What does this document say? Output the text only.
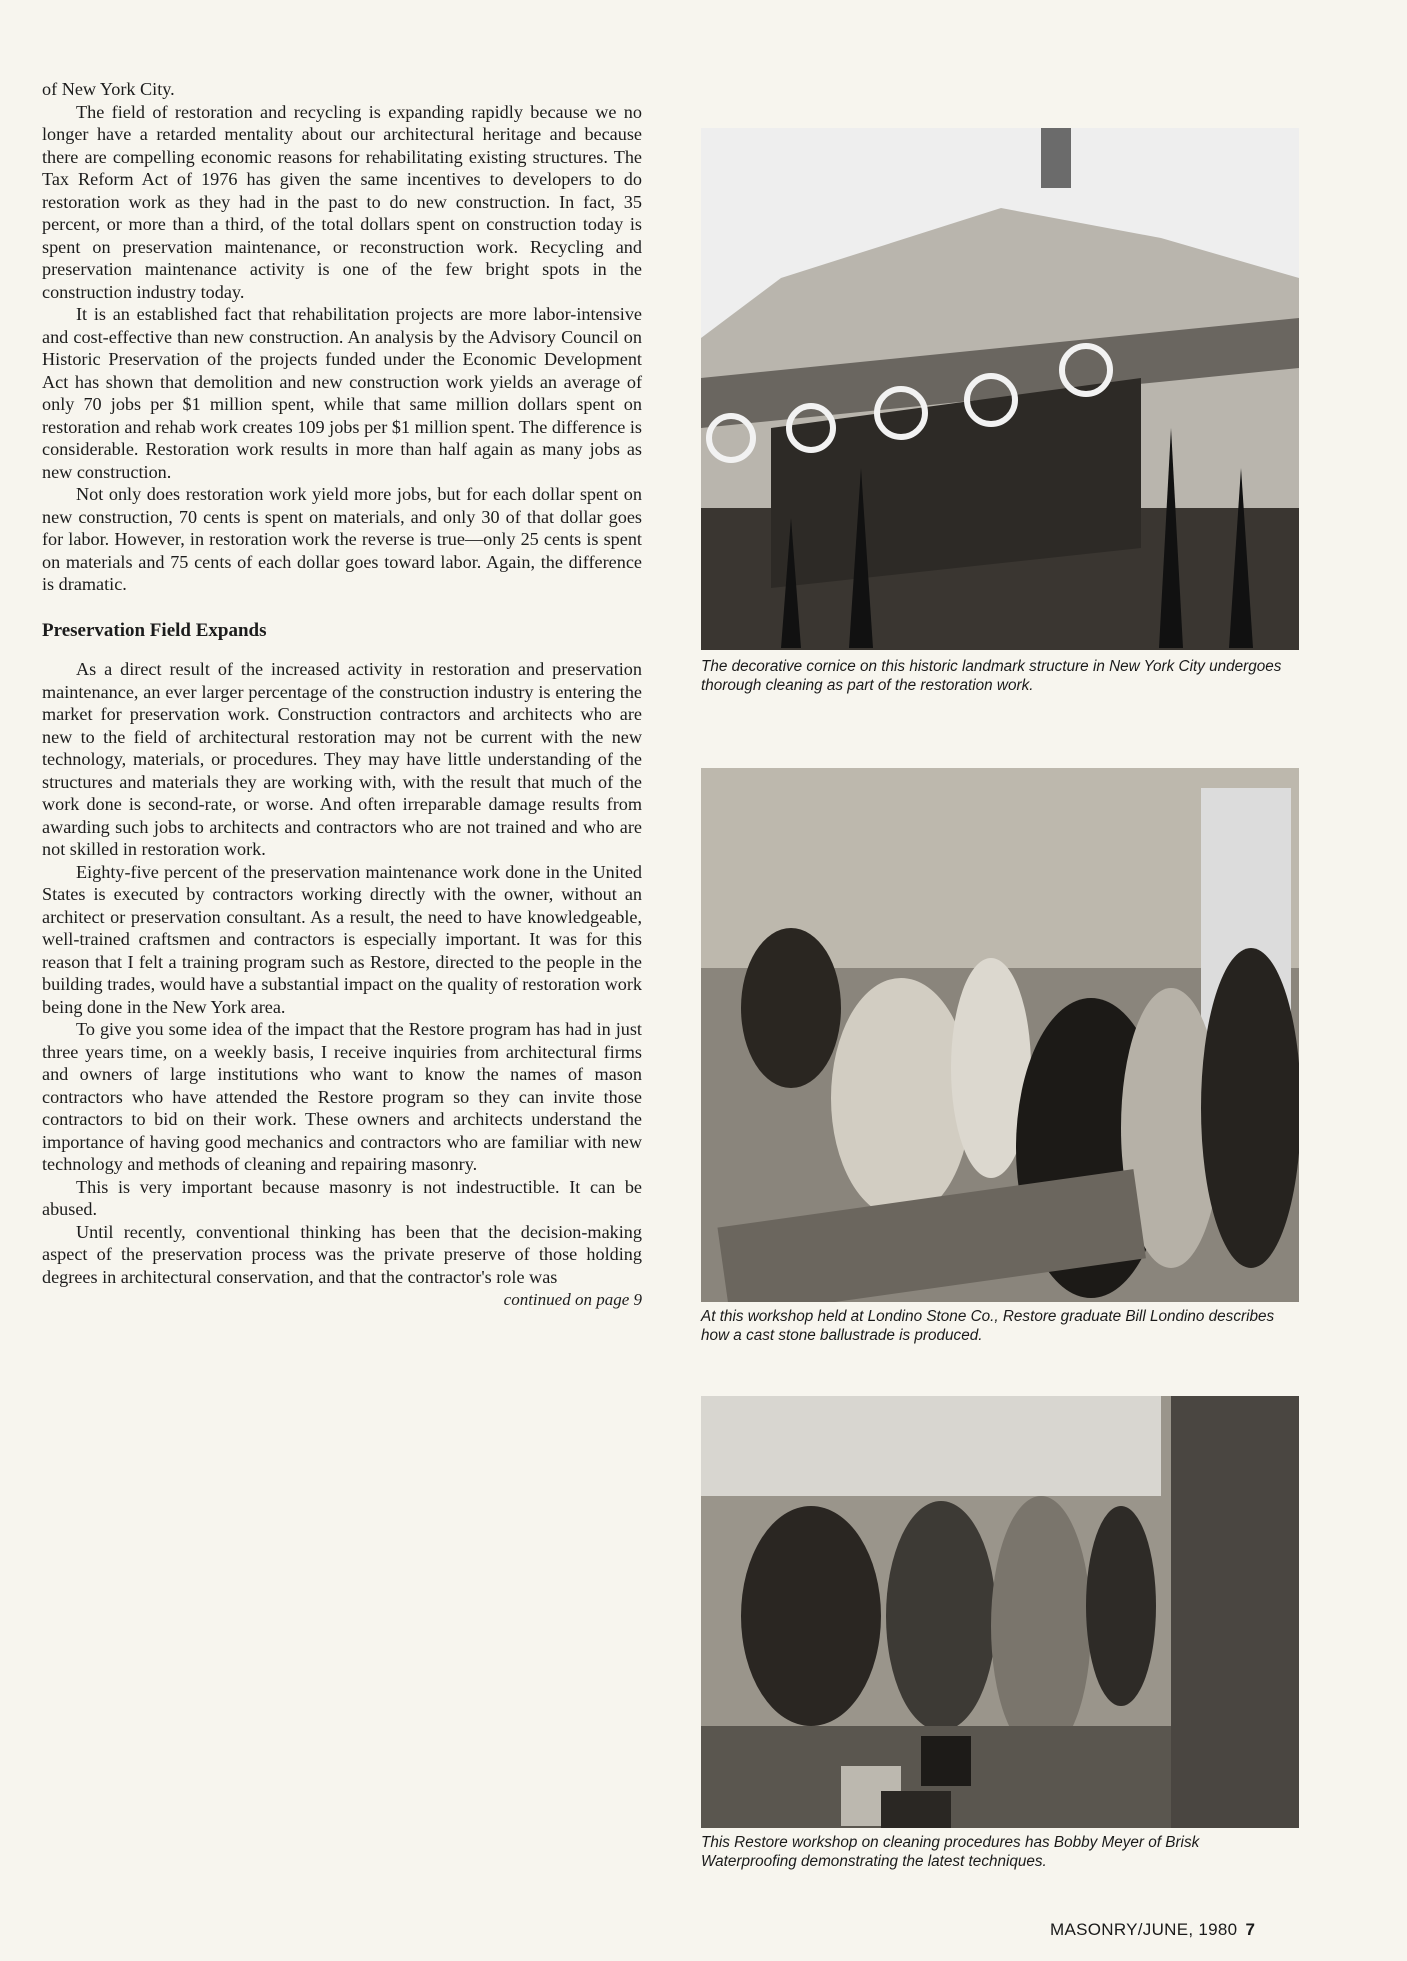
of New York City.

The field of restoration and recycling is expanding rapidly because we no longer have a retarded mentality about our architectural heritage and because there are compelling economic reasons for rehabilitating existing structures. The Tax Reform Act of 1976 has given the same incentives to developers to do restoration work as they had in the past to do new construction. In fact, 35 percent, or more than a third, of the total dollars spent on construction today is spent on preservation maintenance, or reconstruction work. Recycling and preservation maintenance activity is one of the few bright spots in the construction industry today.

It is an established fact that rehabilitation projects are more labor-intensive and cost-effective than new construction. An analysis by the Advisory Council on Historic Preservation of the projects funded under the Economic Development Act has shown that demolition and new construction work yields an average of only 70 jobs per $1 million spent, while that same million dollars spent on restoration and rehab work creates 109 jobs per $1 million spent. The difference is considerable. Restoration work results in more than half again as many jobs as new construction.

Not only does restoration work yield more jobs, but for each dollar spent on new construction, 70 cents is spent on materials, and only 30 of that dollar goes for labor. However, in restoration work the reverse is true—only 25 cents is spent on materials and 75 cents of each dollar goes toward labor. Again, the difference is dramatic.

Preservation Field Expands

As a direct result of the increased activity in restoration and preservation maintenance, an ever larger percentage of the construction industry is entering the market for preservation work. Construction contractors and architects who are new to the field of architectural restoration may not be current with the new technology, materials, or procedures. They may have little understanding of the structures and materials they are working with, with the result that much of the work done is second-rate, or worse. And often irreparable damage results from awarding such jobs to architects and contractors who are not trained and who are not skilled in restoration work.

Eighty-five percent of the preservation maintenance work done in the United States is executed by contractors working directly with the owner, without an architect or preservation consultant. As a result, the need to have knowledgeable, well-trained craftsmen and contractors is especially important. It was for this reason that I felt a training program such as Restore, directed to the people in the building trades, would have a substantial impact on the quality of restoration work being done in the New York area.

To give you some idea of the impact that the Restore program has had in just three years time, on a weekly basis, I receive inquiries from architectural firms and owners of large institutions who want to know the names of mason contractors who have attended the Restore program so they can invite those contractors to bid on their work. These owners and architects understand the importance of having good mechanics and contractors who are familiar with new technology and methods of cleaning and repairing masonry.

This is very important because masonry is not indestructible. It can be abused.

Until recently, conventional thinking has been that the decision-making aspect of the preservation process was the private preserve of those holding degrees in architectural conservation, and that the contractor's role was

continued on page 9
The decorative cornice on this historic landmark structure in New York City undergoes thorough cleaning as part of the restoration work.
At this workshop held at Londino Stone Co., Restore graduate Bill Londino describes how a cast stone ballustrade is produced.
This Restore workshop on cleaning procedures has Bobby Meyer of Brisk Waterproofing demonstrating the latest techniques.
MASONRY/JUNE, 1980 7
